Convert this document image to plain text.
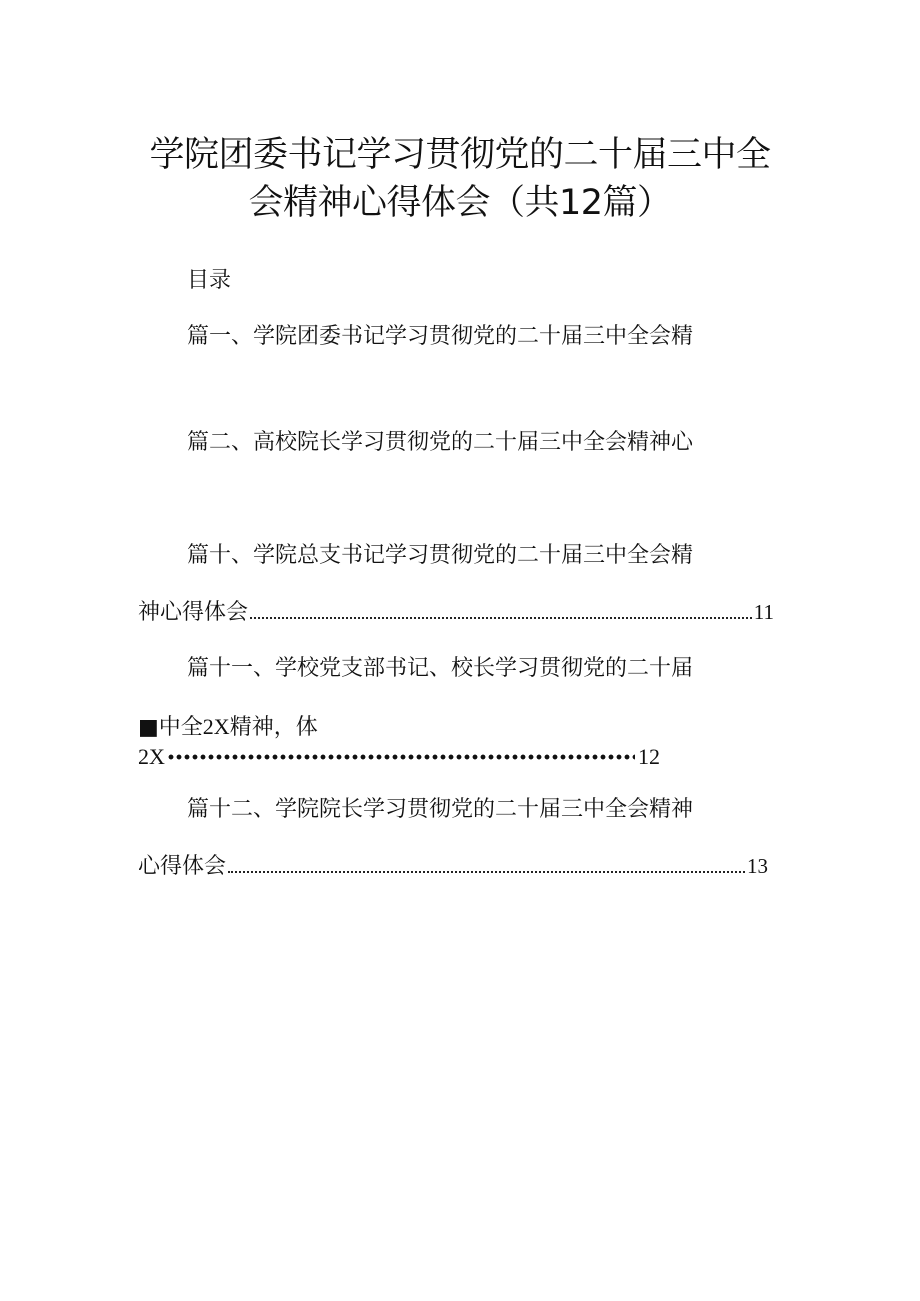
学院团委书记学习贯彻党的二十届三中全
会精神心得体会（共12篇）
目录
篇一、学院团委书记学习贯彻党的二十届三中全会精
篇二、高校院长学习贯彻党的二十届三中全会精神心
篇十、学院总支书记学习贯彻党的二十届三中全会精
神心得体会	11
篇十一、学校党支部书记、校长学习贯彻党的二十届
■中全2X精神，体
2X	12
篇十二、学院院长学习贯彻党的二十届三中全会精神
心得体会	13
